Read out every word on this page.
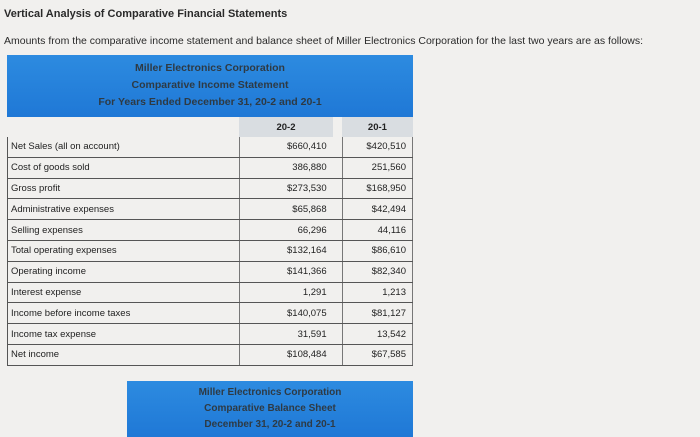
Vertical Analysis of Comparative Financial Statements
Amounts from the comparative income statement and balance sheet of Miller Electronics Corporation for the last two years are as follows:
Miller Electronics Corporation
Comparative Income Statement
For Years Ended December 31, 20-2 and 20-1
	20-2		20-1
Net Sales (all on account)	$660,410		$420,510
Cost of goods sold	386,880		251,560
Gross profit	$273,530		$168,950
Administrative expenses	$65,868		$42,494
Selling expenses	66,296		44,116
Total operating expenses	$132,164		$86,610
Operating income	$141,366		$82,340
Interest expense	1,291		1,213
Income before income taxes	$140,075		$81,127
Income tax expense	31,591		13,542
Net income	$108,484		$67,585
Miller Electronics Corporation
Comparative Balance Sheet
December 31, 20-2 and 20-1
